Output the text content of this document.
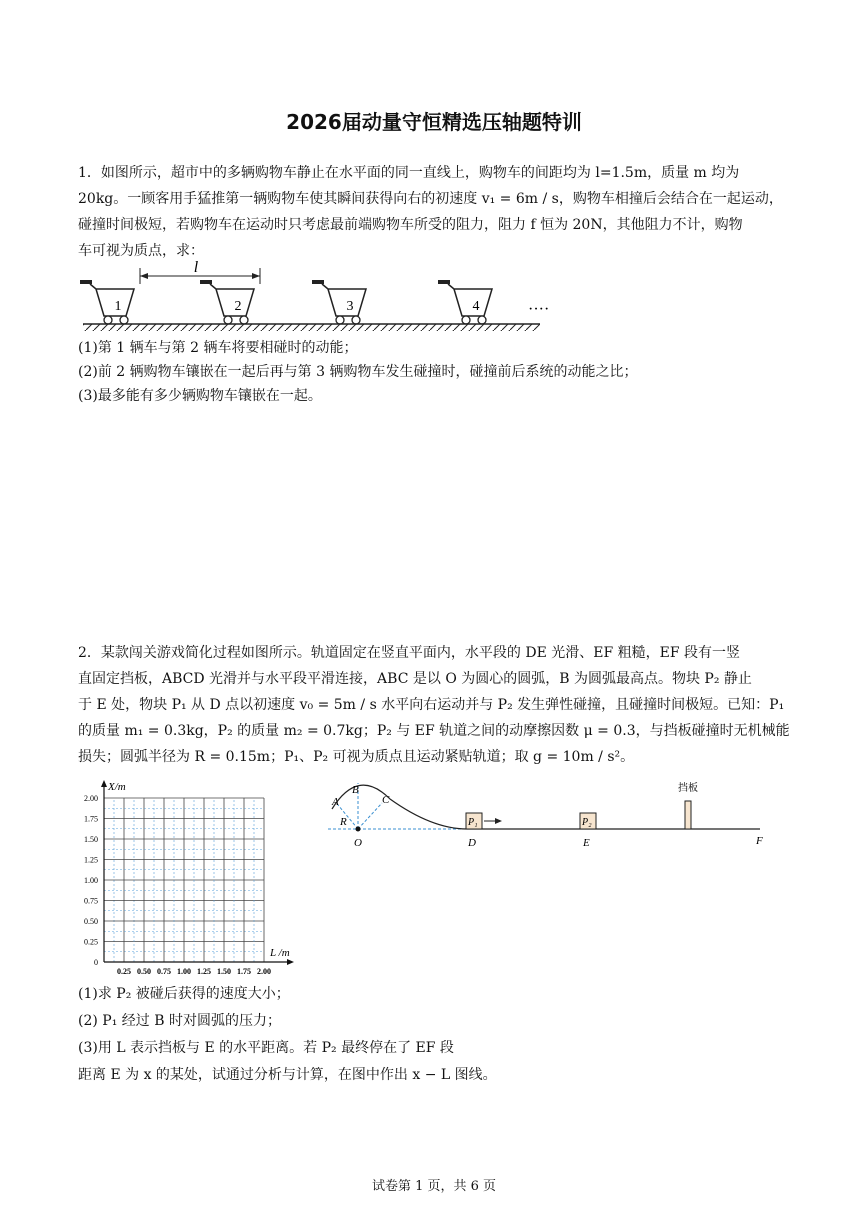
2026届动量守恒精选压轴题特训

1．如图所示，超市中的多辆购物车静止在水平面的同一直线上，购物车的间距均为 l=1.5m，质量 m 均为

20kg。一顾客用手猛推第一辆购物车使其瞬间获得向右的初速度 v₁ = 6m / s，购物车相撞后会结合在一起运动，

碰撞时间极短，若购物车在运动时只考虑最前端购物车所受的阻力，阻力 f 恒为 20N，其他阻力不计，购物

车可视为质点，求：

1	2	3	4
l
····

(1)第 1 辆车与第 2 辆车将要相碰时的动能；

(2)前 2 辆购物车镶嵌在一起后再与第 3 辆购物车发生碰撞时，碰撞前后系统的动能之比；

(3)最多能有多少辆购物车镶嵌在一起。

2．某款闯关游戏简化过程如图所示。轨道固定在竖直平面内，水平段的 DE 光滑、EF 粗糙，EF 段有一竖

直固定挡板，ABCD 光滑并与水平段平滑连接，ABC 是以 O 为圆心的圆弧，B 为圆弧最高点。物块 P₂ 静止

于 E 处，物块 P₁ 从 D 点以初速度 v₀ = 5m / s 水平向右运动并与 P₂ 发生弹性碰撞，且碰撞时间极短。已知：P₁

的质量 m₁ = 0.3kg，P₂ 的质量 m₂ = 0.7kg；P₂ 与 EF 轨道之间的动摩擦因数 μ = 0.3，与挡板碰撞时无机械能

损失；圆弧半径为 R = 0.15m；P₁、P₂ 可视为质点且运动紧贴轨道；取 g = 10m / s²。

2.00
1.75
1.50
1.25
1.00
0.75
0.50
0.25
0
0.25 0.50 0.75 1.00 1.25 1.50 1.75 2.00
X/m
L /m
A
B
C
R
O
P₁
D
P₂
E
挡板
F

(1)求 P₂ 被碰后获得的速度大小；

(2) P₁ 经过 B 时对圆弧的压力；

(3)用 L 表示挡板与 E 的水平距离。若 P₂ 最终停在了 EF 段

距离 E 为 x 的某处，试通过分析与计算，在图中作出 x − L 图线。

试卷第 1 页，共 6 页
